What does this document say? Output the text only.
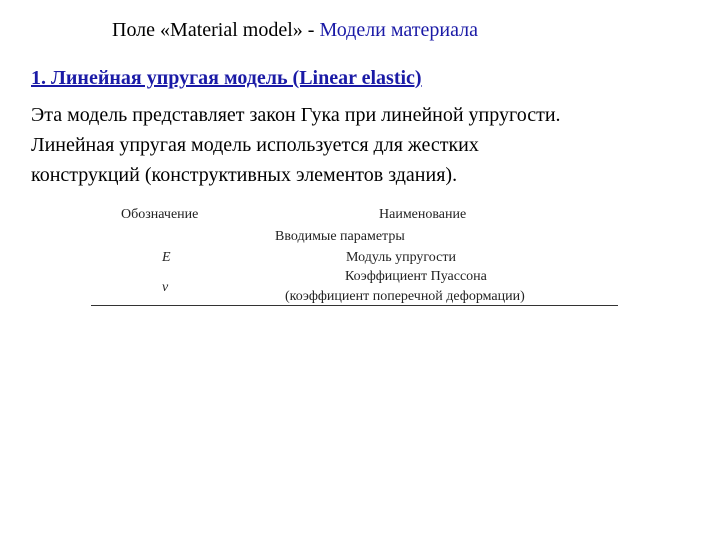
Поле «Material model» - Модели материала
1. Линейная упругая модель (Linear elastic)

Эта модель представляет закон Гука при линейной упругости.
Линейная упругая модель используется для жестких
конструкций (конструктивных элементов здания).

Обозначение	Наименование
Вводимые параметры
E	Модуль упругости
ν
Коэффициент Пуассона
(коэффициент поперечной деформации)
